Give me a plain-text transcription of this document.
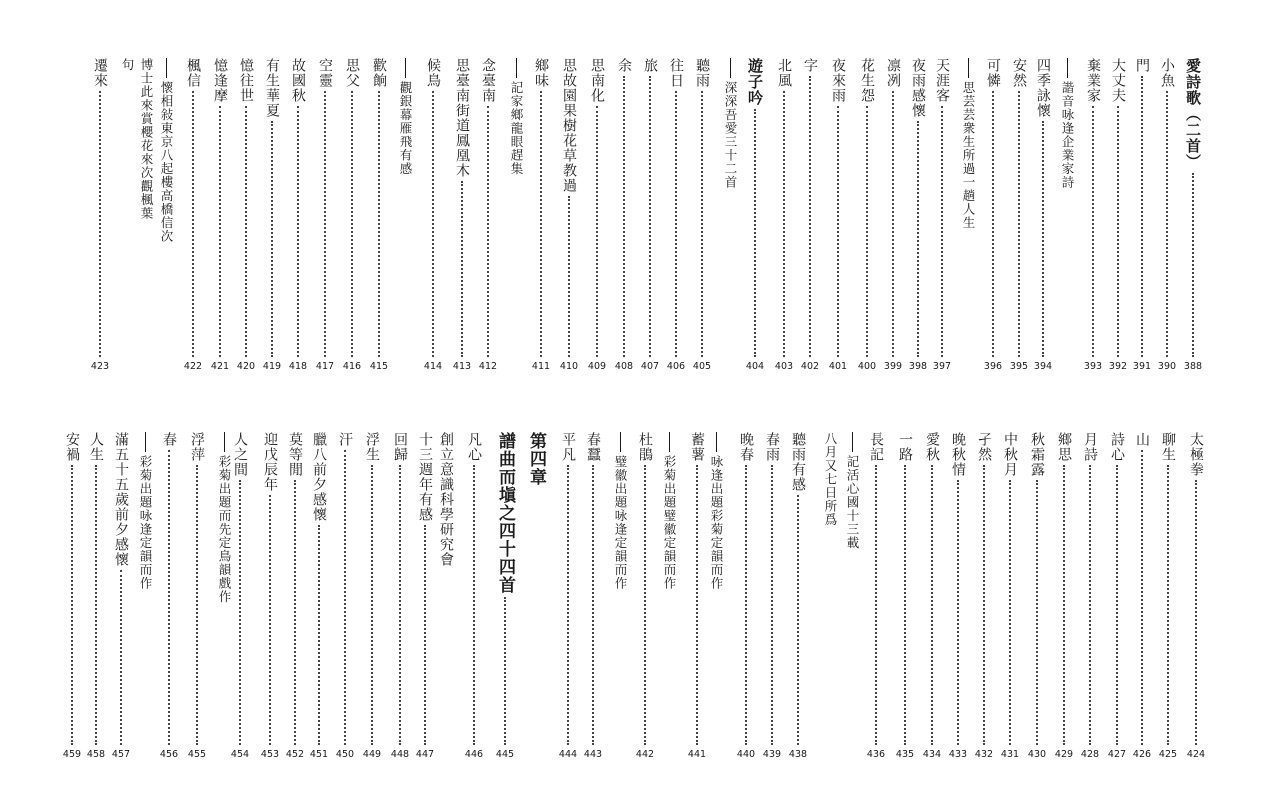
愛詩歌（二首）
388
小魚
390
門
391
大丈夫
392
棄業家
393
諧音咏逢企業家詩
四季詠懷
394
安然
395
可憐
396
思芸芸衆生所過一趟人生
天涯客
397
夜雨感懷
398
凛冽
399
花生怨
400
夜來雨
401
字
402
北風
403
遊子吟
404
深深吾愛三十二首
聽雨
405
往日
406
旅
407
余
408
思南化
409
思故園果樹花草教過
410
鄉味
411
記家鄉龍眼趕集
念臺南
412
思臺南街道鳳凰木
413
候鳥
414
觀銀幕雁飛有感
歡餉
415
思父
416
空靈
417
故國秋
418
有生華夏
419
憶往世
420
憶逢摩
421
楓信
422
懷相敍東京八起樓高橋信次
博士此來賞櫻花來次觀楓葉
句
遷來
423
太極拳
424
聊生
425
山
426
詩心
427
月詩
428
鄉思
429
秋霜露
430
中秋月
431
孑然
432
晚秋情
433
愛秋
434
一路
435
長記
436
記活心國十三載
八月又七日所爲
聽雨有感
438
春雨
439
晚春
440
蓄薯
441
咏逢出題彩菊定韻而作
杜鵑
442
彩菊出題璧徽定韻而作
璧徽出題咏逢定韻而作
春蠶
443
平凡
444
第四章
譜曲而塡之四十四首
445
凡心
446
創立意識科學研究會
十三週年有感
447
回歸
448
浮生
449
汗
450
臘八前夕感懷
451
莫等閒
452
迎戊辰年
453
人之間
454
彩菊出題而先定鳥韻戲作
浮萍
455
春
456
彩菊出題咏逢定韻而作
滿五十五歲前夕感懷
457
人生
458
安禍
459
